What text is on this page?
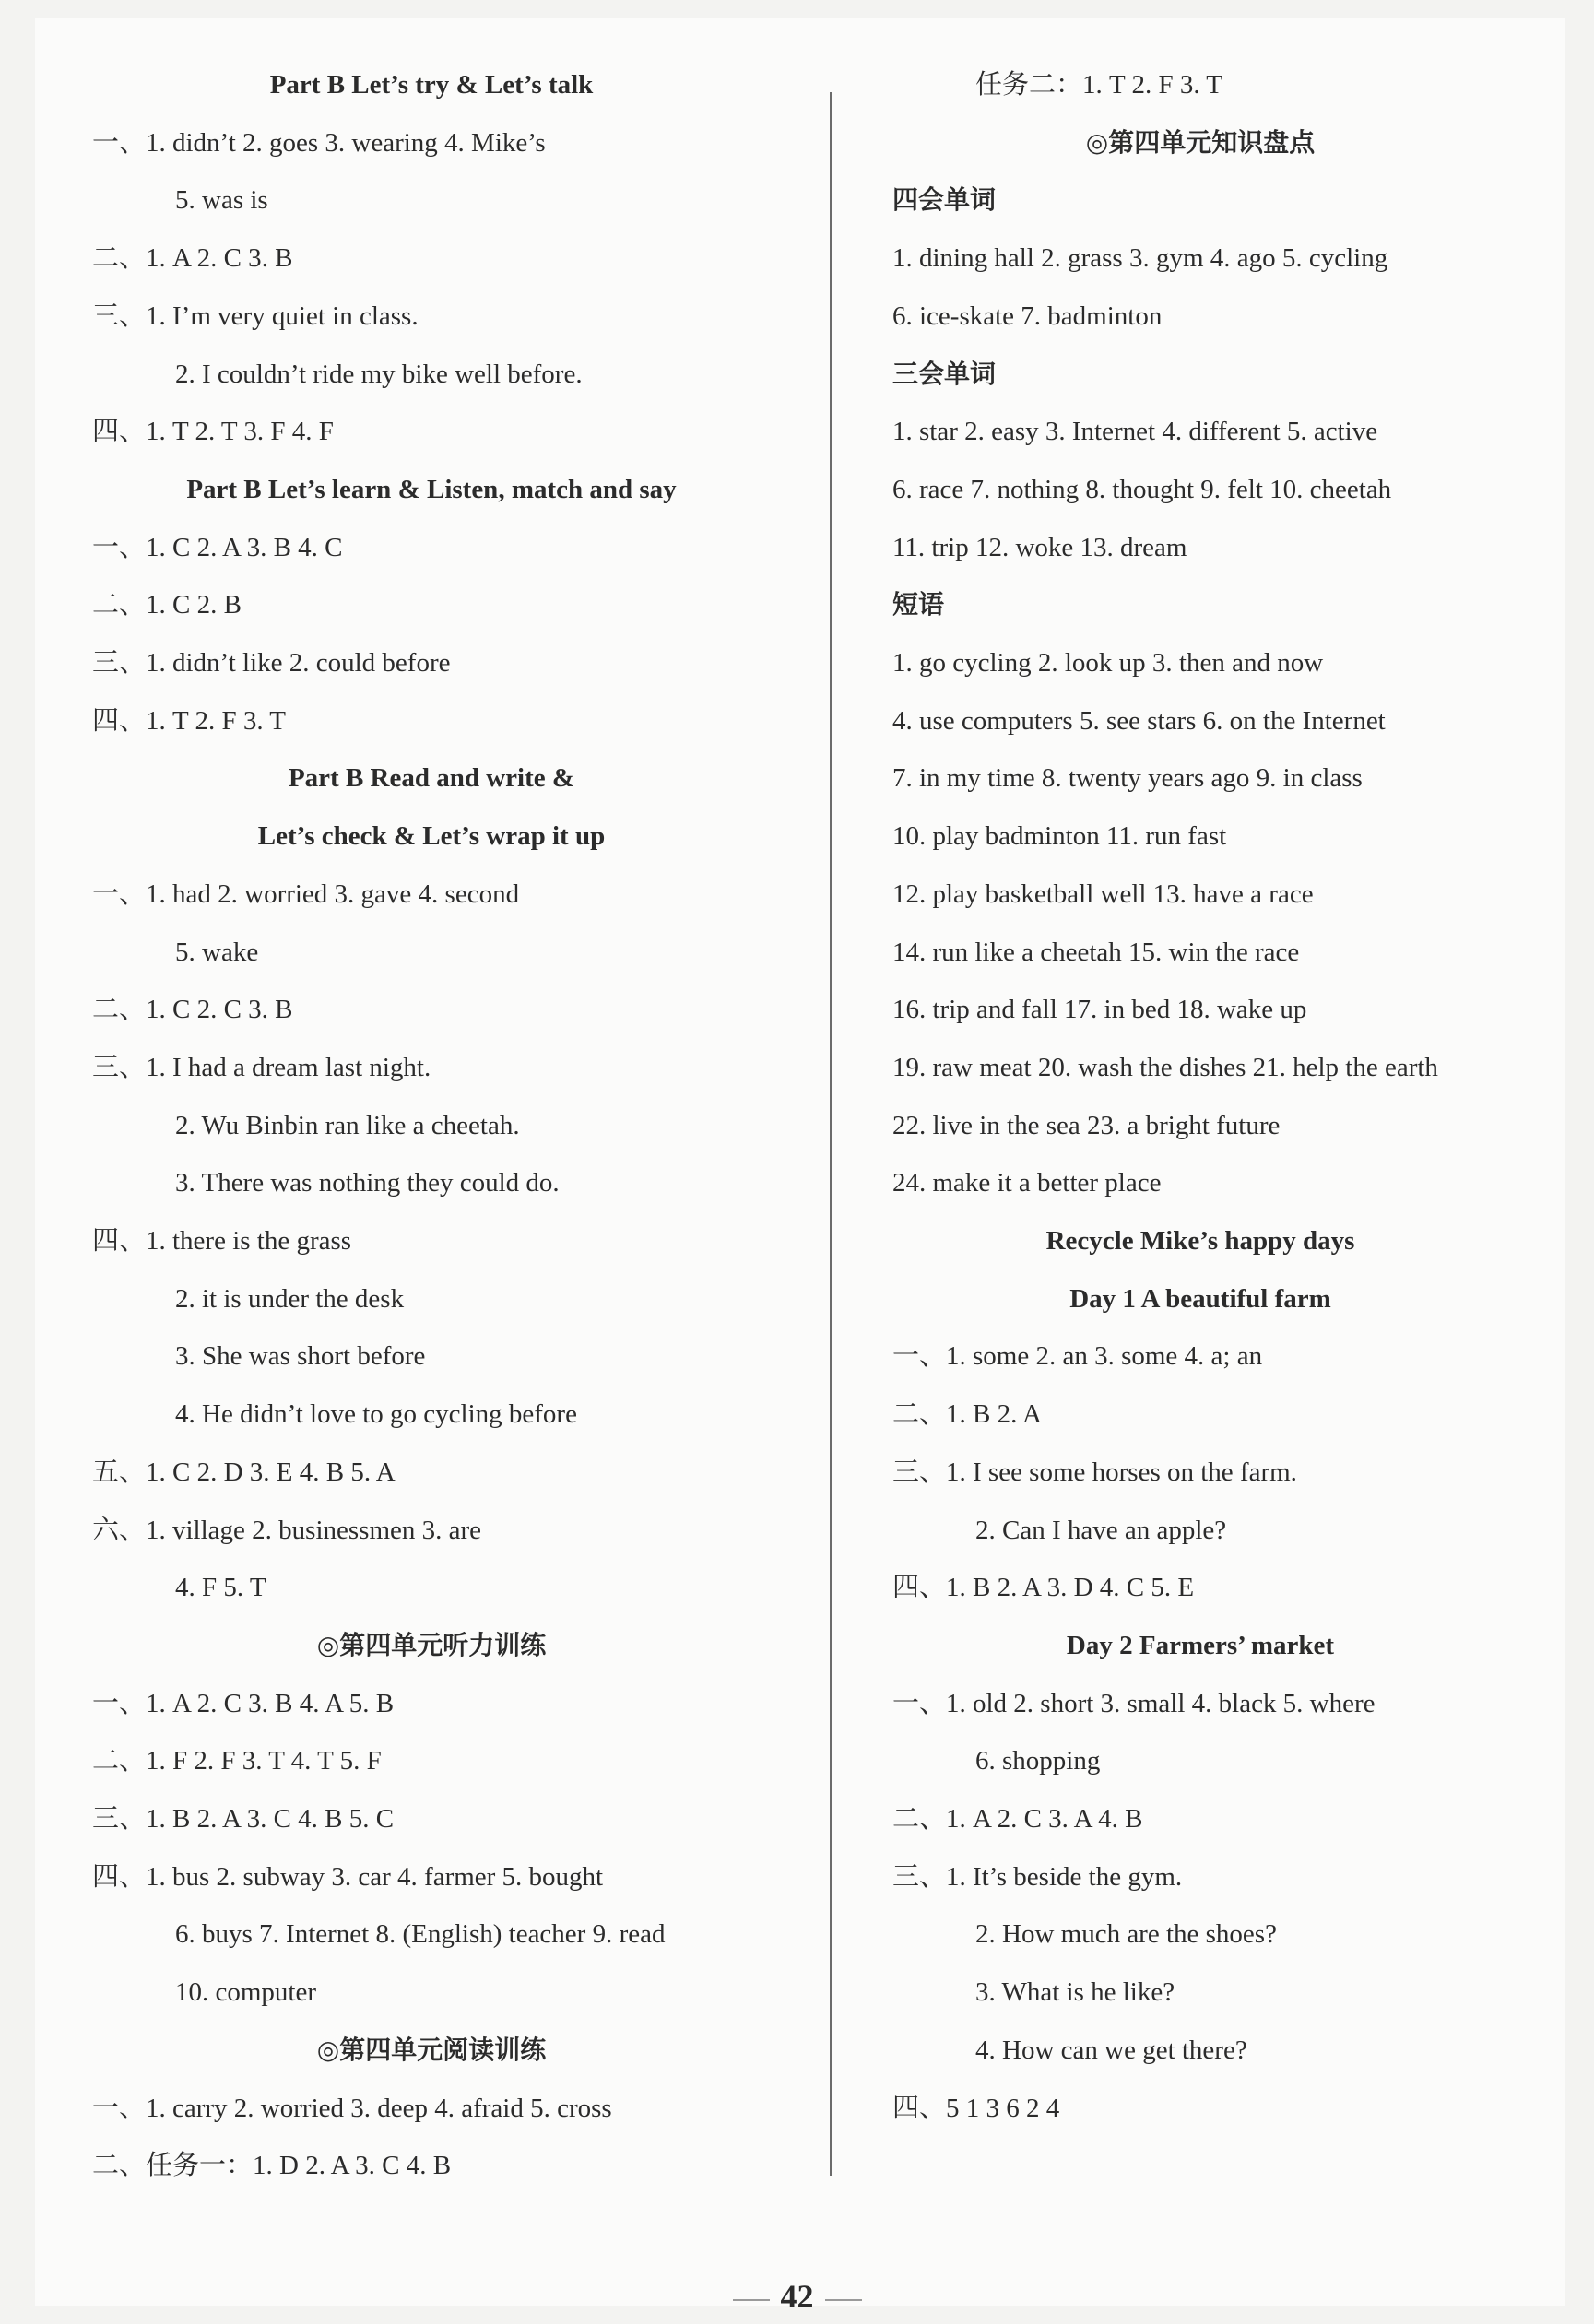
Part B Let’s try & Let’s talk
一、1. didn’t 2. goes 3. wearing 4. Mike’s
5. was is
二、1. A 2. C 3. B
三、1. I’m very quiet in class.
2. I couldn’t ride my bike well before.
四、1. T 2. T 3. F 4. F
Part B Let’s learn & Listen, match and say
一、1. C 2. A 3. B 4. C
二、1. C 2. B
三、1. didn’t like 2. could before
四、1. T 2. F 3. T
Part B Read and write &
Let’s check & Let’s wrap it up
一、1. had 2. worried 3. gave 4. second
5. wake
二、1. C 2. C 3. B
三、1. I had a dream last night.
2. Wu Binbin ran like a cheetah.
3. There was nothing they could do.
四、1. there is the grass
2. it is under the desk
3. She was short before
4. He didn’t love to go cycling before
五、1. C 2. D 3. E 4. B 5. A
六、1. village 2. businessmen 3. are
4. F 5. T
◎第四单元听力训练
一、1. A 2. C 3. B 4. A 5. B
二、1. F 2. F 3. T 4. T 5. F
三、1. B 2. A 3. C 4. B 5. C
四、1. bus 2. subway 3. car 4. farmer 5. bought
6. buys 7. Internet 8. (English) teacher 9. read
10. computer
◎第四单元阅读训练
一、1. carry 2. worried 3. deep 4. afraid 5. cross
二、任务一：1. D 2. A 3. C 4. B
任务二：1. T 2. F 3. T
◎第四单元知识盘点
四会单词
1. dining hall 2. grass 3. gym 4. ago 5. cycling
6. ice-skate 7. badminton
三会单词
1. star 2. easy 3. Internet 4. different 5. active
6. race 7. nothing 8. thought 9. felt 10. cheetah
11. trip 12. woke 13. dream
短语
1. go cycling 2. look up 3. then and now
4. use computers 5. see stars 6. on the Internet
7. in my time 8. twenty years ago 9. in class
10. play badminton 11. run fast
12. play basketball well 13. have a race
14. run like a cheetah 15. win the race
16. trip and fall 17. in bed 18. wake up
19. raw meat 20. wash the dishes 21. help the earth
22. live in the sea 23. a bright future
24. make it a better place
Recycle Mike’s happy days
Day 1 A beautiful farm
一、1. some 2. an 3. some 4. a; an
二、1. B 2. A
三、1. I see some horses on the farm.
2. Can I have an apple?
四、1. B 2. A 3. D 4. C 5. E
Day 2 Farmers’ market
一、1. old 2. short 3. small 4. black 5. where
6. shopping
二、1. A 2. C 3. A 4. B
三、1. It’s beside the gym.
2. How much are the shoes?
3. What is he like?
4. How can we get there?
四、5 1 3 6 2 4
42
